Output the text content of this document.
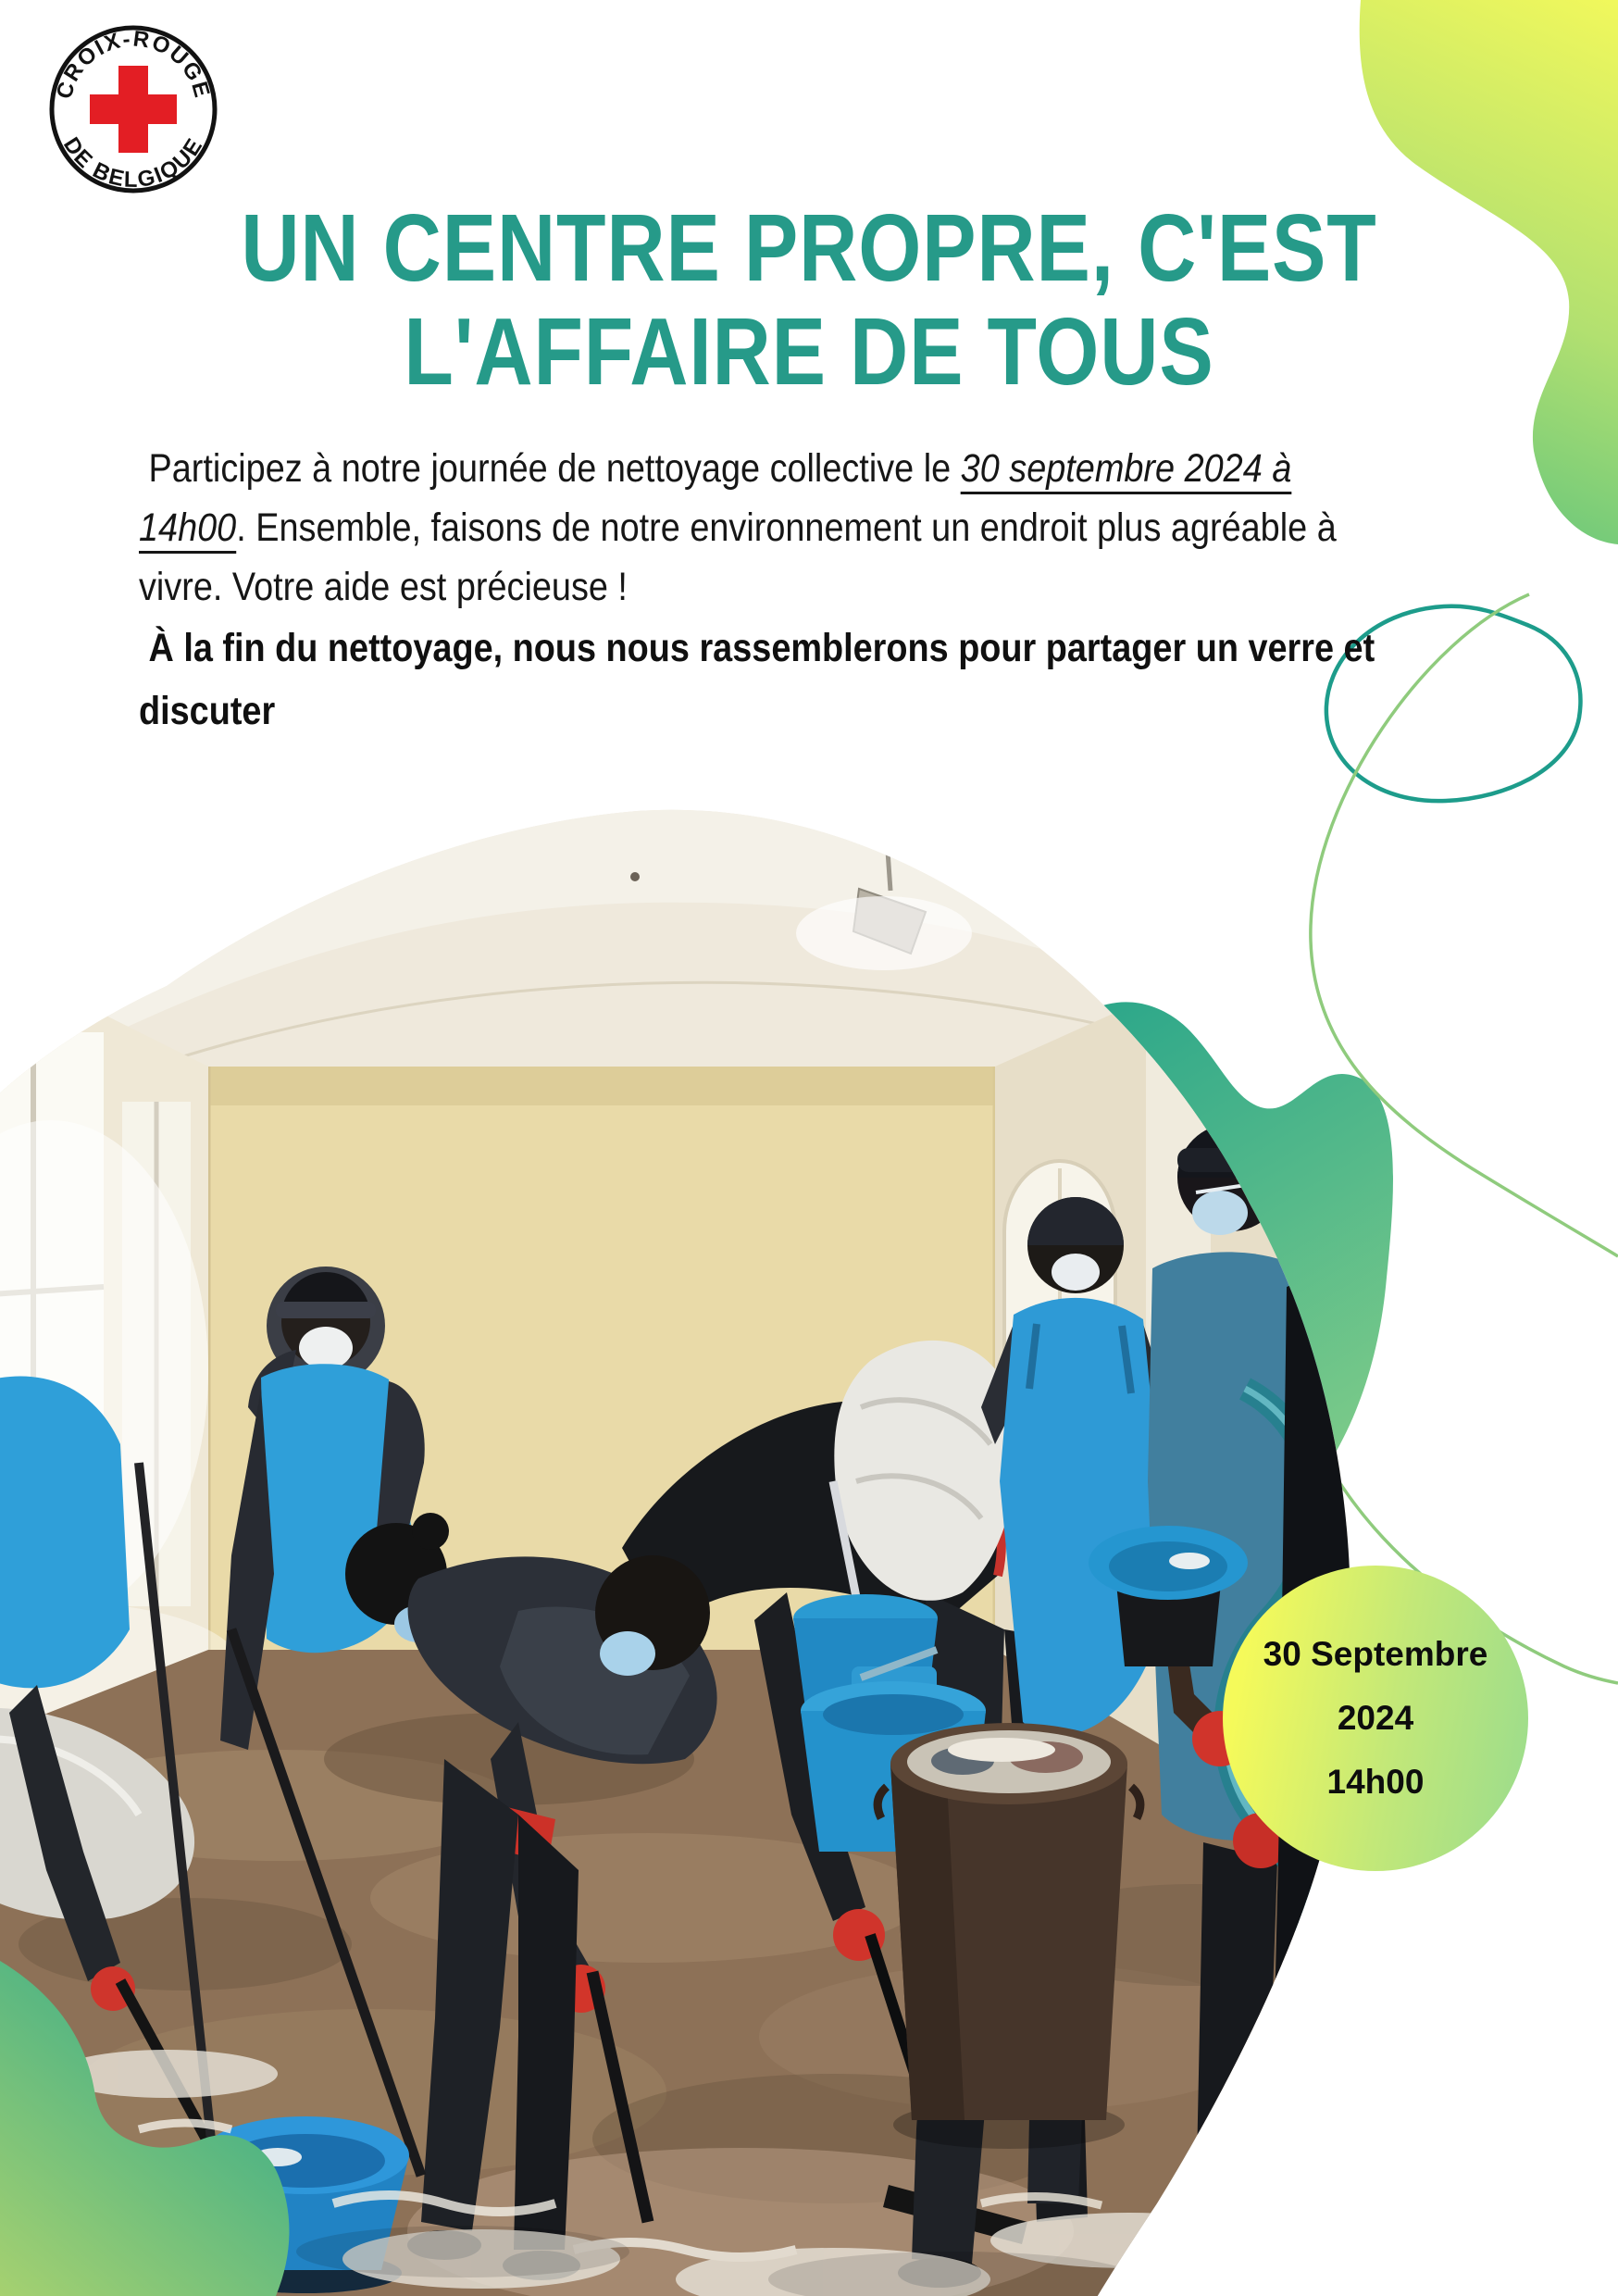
CROIX-ROUGE
DE BELGIQUE
UN CENTRE PROPRE, C'EST
L'AFFAIRE DE TOUS
Participez à notre journée de nettoyage collective le 30 septembre 2024 à
14h00. Ensemble, faisons de notre environnement un endroit plus agréable à
vivre. Votre aide est précieuse !
À la fin du nettoyage, nous nous rassemblerons pour partager un verre et
discuter
30 Septembre
2024
14h00
